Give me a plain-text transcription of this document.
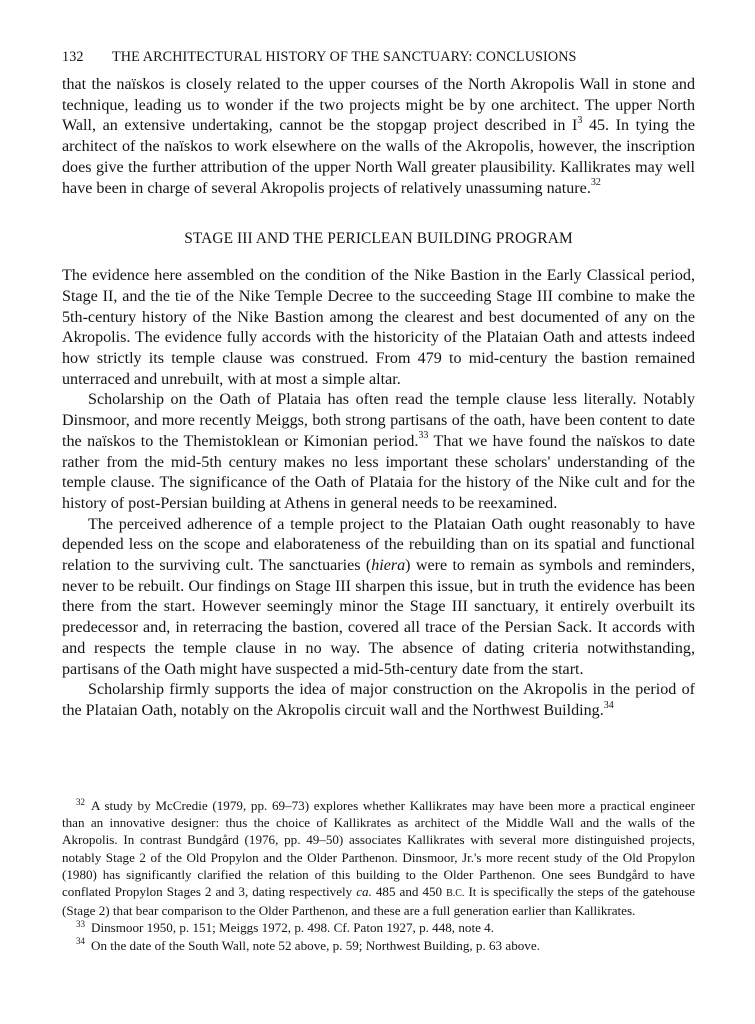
132 THE ARCHITECTURAL HISTORY OF THE SANCTUARY: CONCLUSIONS

that the naïskos is closely related to the upper courses of the North Akropolis Wall in stone and technique, leading us to wonder if the two projects might be by one architect. The upper North Wall, an extensive undertaking, cannot be the stopgap project described in $I^3$ 45. In tying the architect of the naïskos to work elsewhere on the walls of the Akropolis, however, the inscription does give the further attribution of the upper North Wall greater plausibility. Kallikrates may well have been in charge of several Akropolis projects of relatively unassuming nature.$^{32}$

STAGE III AND THE PERICLEAN BUILDING PROGRAM

The evidence here assembled on the condition of the Nike Bastion in the Early Classical period, Stage II, and the tie of the Nike Temple Decree to the succeeding Stage III combine to make the 5th-century history of the Nike Bastion among the clearest and best documented of any on the Akropolis. The evidence fully accords with the historicity of the Plataian Oath and attests indeed how strictly its temple clause was construed. From 479 to mid-century the bastion remained unterraced and unrebuilt, with at most a simple altar.

Scholarship on the Oath of Plataia has often read the temple clause less literally. Notably Dinsmoor, and more recently Meiggs, both strong partisans of the oath, have been content to date the naïskos to the Themistoklean or Kimonian period.$^{33}$ That we have found the naïskos to date rather from the mid-5th century makes no less important these scholars' understanding of the temple clause. The significance of the Oath of Plataia for the history of the Nike cult and for the history of post-Persian building at Athens in general needs to be reexamined.

The perceived adherence of a temple project to the Plataian Oath ought reasonably to have depended less on the scope and elaborateness of the rebuilding than on its spatial and functional relation to the surviving cult. The sanctuaries (hiera) were to remain as symbols and reminders, never to be rebuilt. Our findings on Stage III sharpen this issue, but in truth the evidence has been there from the start. However seemingly minor the Stage III sanctuary, it entirely overbuilt its predecessor and, in reterracing the bastion, covered all trace of the Persian Sack. It accords with and respects the temple clause in no way. The absence of dating criteria notwithstanding, partisans of the Oath might have suspected a mid-5th-century date from the start.

Scholarship firmly supports the idea of major construction on the Akropolis in the period of the Plataian Oath, notably on the Akropolis circuit wall and the Northwest Building.$^{34}$

$^{32}$ A study by McCredie (1979, pp. 69–73) explores whether Kallikrates may have been more a practical engineer than an innovative designer: thus the choice of Kallikrates as architect of the Middle Wall and the walls of the Akropolis. In contrast Bundgård (1976, pp. 49–50) associates Kallikrates with several more distinguished projects, notably Stage 2 of the Old Propylon and the Older Parthenon. Dinsmoor, Jr.'s more recent study of the Old Propylon (1980) has significantly clarified the relation of this building to the Older Parthenon. One sees Bundgård to have conflated Propylon Stages 2 and 3, dating respectively ca. 485 and 450 B.C. It is specifically the steps of the gatehouse (Stage 2) that bear comparison to the Older Parthenon, and these are a full generation earlier than Kallikrates.

$^{33}$ Dinsmoor 1950, p. 151; Meiggs 1972, p. 498. Cf. Paton 1927, p. 448, note 4.

$^{34}$ On the date of the South Wall, note 52 above, p. 59; Northwest Building, p. 63 above.
